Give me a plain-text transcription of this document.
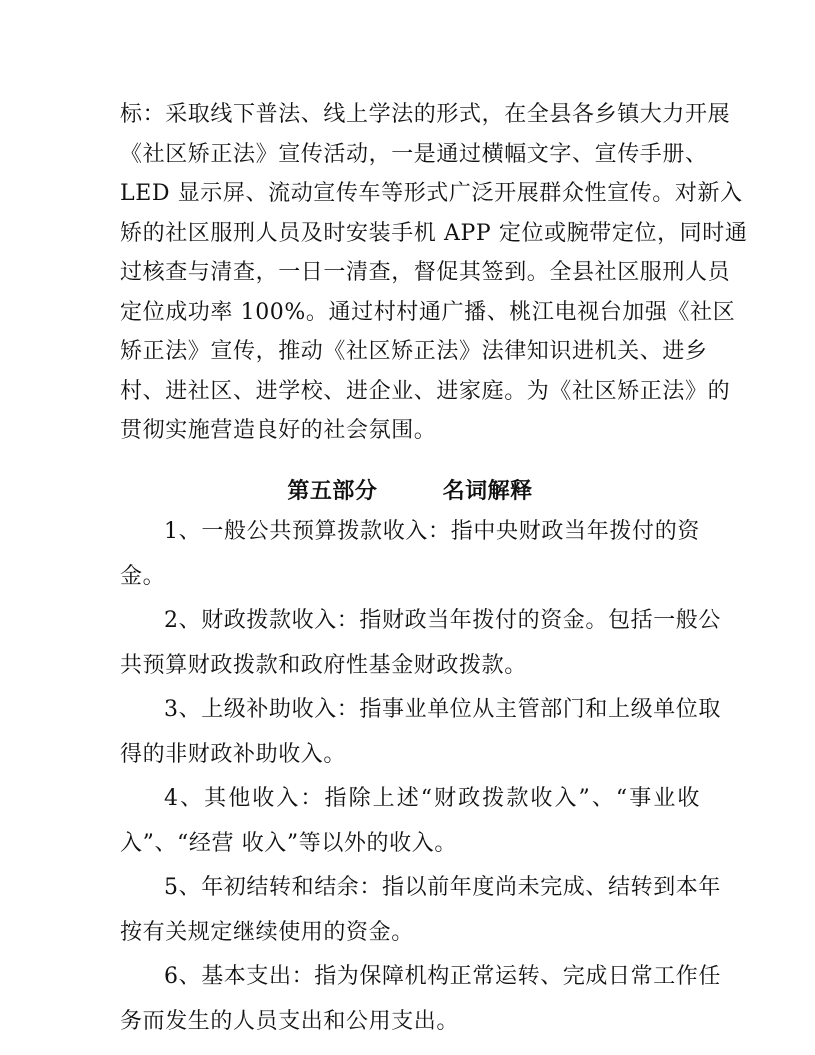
标：采取线下普法、线上学法的形式，在全县各乡镇大力开展
《社区矫正法》宣传活动，一是通过横幅文字、宣传手册、
LED 显示屏、流动宣传车等形式广泛开展群众性宣传。对新入
矫的社区服刑人员及时安装手机 APP 定位或腕带定位，同时通
过核查与清查，一日一清查，督促其签到。全县社区服刑人员
定位成功率 100%。通过村村通广播、桃江电视台加强《社区
矫正法》宣传，推动《社区矫正法》法律知识进机关、进乡
村、进社区、进学校、进企业、进家庭。为《社区矫正法》的
贯彻实施营造良好的社会氛围。
第五部分        名词解释
1、一般公共预算拨款收入：指中央财政当年拨付的资
金。
2、财政拨款收入：指财政当年拨付的资金。包括一般公
共预算财政拨款和政府性基金财政拨款。
3、上级补助收入：指事业单位从主管部门和上级单位取
得的非财政补助收入。
4、其他收入：指除上述“财政拨款收入”、“事业收
入”、“经营 收入”等以外的收入。
5、年初结转和结余：指以前年度尚未完成、结转到本年
按有关规定继续使用的资金。
6、基本支出：指为保障机构正常运转、完成日常工作任
务而发生的人员支出和公用支出。
